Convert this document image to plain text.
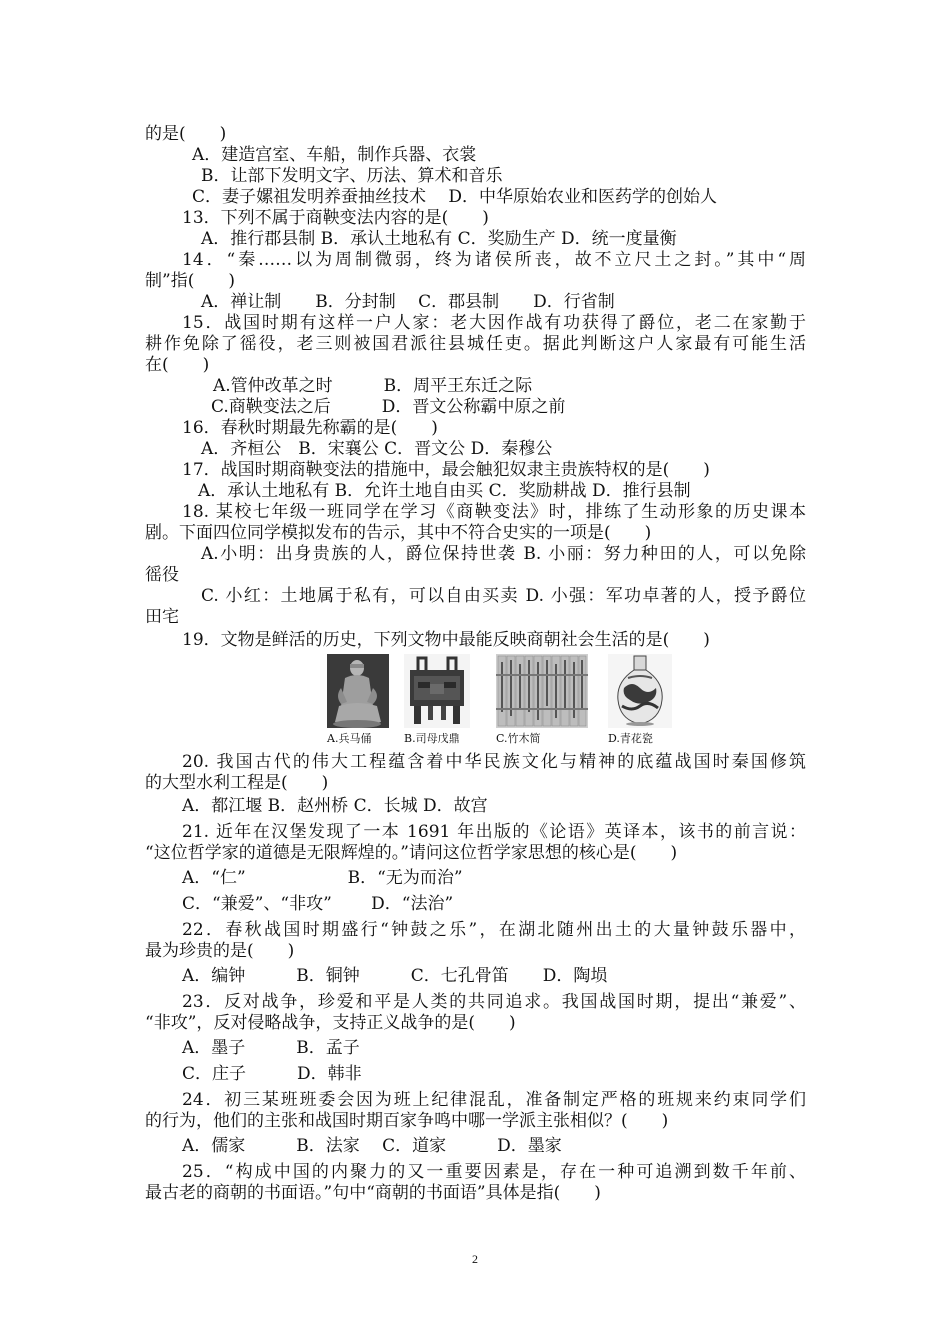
的是(　　)
A．建造宫室、车船，制作兵器、衣裳
B．让部下发明文字、历法、算术和音乐
C．妻子嫘祖发明养蚕抽丝技术　 D．中华原始农业和医药学的创始人
13．下列不属于商鞅变法内容的是(　　)
A．推行郡县制 B．承认土地私有 C．奖励生产 D．统一度量衡
14．“秦……以为周制微弱，终为诸侯所丧，故不立尺土之封。”其中“周
制”指(　　)
A．禅让制　　B．分封制　 C．郡县制　　D．行省制
15．战国时期有这样一户人家：老大因作战有功获得了爵位，老二在家勤于
耕作免除了徭役，老三则被国君派往县城任吏。据此判断这户人家最有可能生活
在(　　)
A.管仲改革之时　　　B．周平王东迁之际
C.商鞅变法之后　　　D．晋文公称霸中原之前
16．春秋时期最先称霸的是(　　)
A．齐桓公　B．宋襄公 C．晋文公 D．秦穆公
17．战国时期商鞅变法的措施中，最会触犯奴隶主贵族特权的是(　　)
A．承认土地私有 B．允许土地自由买 C．奖励耕战 D．推行县制
18. 某校七年级一班同学在学习《商鞅变法》时，排练了生动形象的历史课本
剧。下面四位同学模拟发布的告示，其中不符合史实的一项是(　　)
A.小明：出身贵族的人，爵位保持世袭 B. 小丽：努力种田的人，可以免除
徭役
C. 小红：土地属于私有，可以自由买卖 D. 小强：军功卓著的人，授予爵位
田宅
19．文物是鲜活的历史，下列文物中最能反映商朝社会生活的是(　　)
20. 我国古代的伟大工程蕴含着中华民族文化与精神的底蕴战国时秦国修筑
的大型水利工程是(　　)
A．都江堰 B．赵州桥 C．长城 D．故宫
21. 近年在汉堡发现了一本 1691 年出版的《论语》英译本，该书的前言说：
“这位哲学家的道德是无限辉煌的。”请问这位哲学家思想的核心是(　　)
A．“仁”　　　　　　B．“无为而治”
C．“兼爱”、“非攻”　　 D．“法治”
22．春秋战国时期盛行“钟鼓之乐”，在湖北随州出土的大量钟鼓乐器中，
最为珍贵的是(　　)
A．编钟　　　B．铜钟　　　C．七孔骨笛　　D．陶埙
23．反对战争，珍爱和平是人类的共同追求。我国战国时期，提出“兼爱”、
“非攻”，反对侵略战争，支持正义战争的是(　　)
A．墨子　　　B．孟子
C．庄子　　　D．韩非
24．初三某班班委会因为班上纪律混乱，准备制定严格的班规来约束同学们
的行为，他们的主张和战国时期百家争鸣中哪一学派主张相似？(　　)
A．儒家　　　B．法家　 C．道家　　　D．墨家
25．“构成中国的内聚力的又一重要因素是，存在一种可追溯到数千年前、
最古老的商朝的书面语。”句中“商朝的书面语”具体是指(　　)
A.兵马俑	B.司母戊鼎	C.竹木简	D.青花瓷
2
